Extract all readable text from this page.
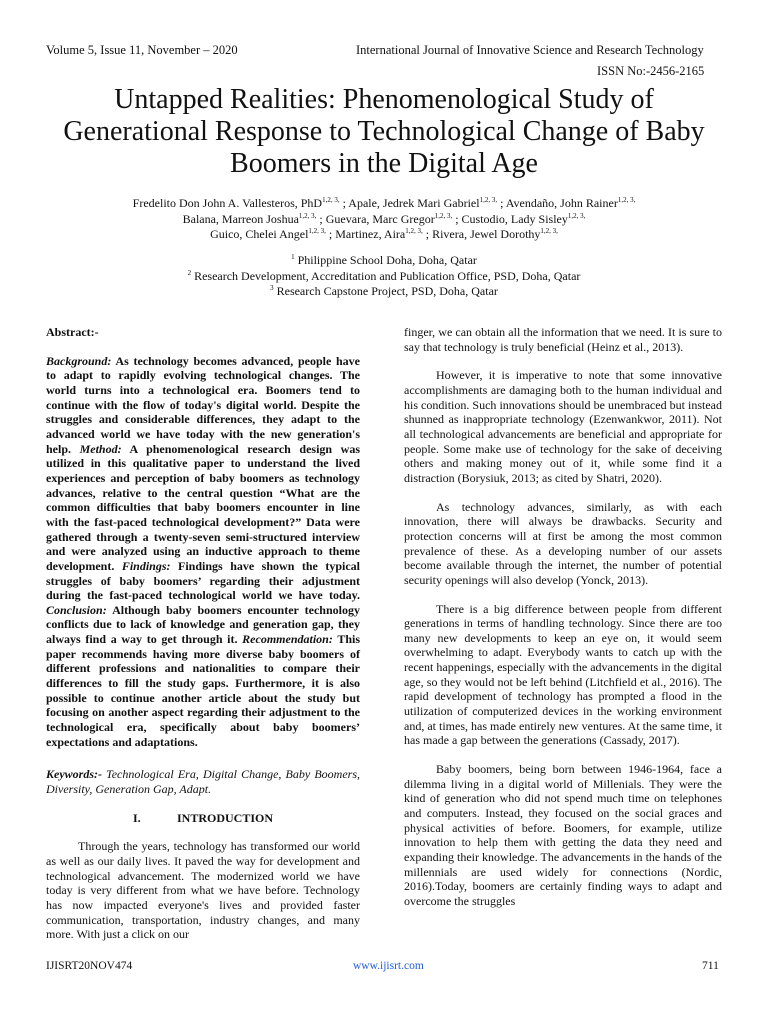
Volume 5, Issue 11, November – 2020	International Journal of Innovative Science and Research Technology
ISSN No:-2456-2165
Untapped Realities: Phenomenological Study of Generational Response to Technological Change of Baby Boomers in the Digital Age
Fredelito Don John A. Vallesteros, PhD$^{1,2, 3,}$ ; Apale, Jedrek Mari Gabriel$^{1,2, 3,}$ ; Avendaño, John Rainer$^{1,2, 3,}$
Balana, Marreon Joshua$^{1,2, 3,}$ ; Guevara, Marc Gregor$^{1,2, 3,}$ ; Custodio, Lady Sisley$^{1,2, 3,}$
Guico, Chelei Angel$^{1,2, 3,}$ ; Martinez, Aira$^{1,2, 3,}$ ; Rivera, Jewel Dorothy$^{1,2, 3,}$
$^1$ Philippine School Doha, Doha, Qatar
$^2$ Research Development, Accreditation and Publication Office, PSD, Doha, Qatar
$^3$ Research Capstone Project, PSD, Doha, Qatar

Abstract:-

Background: As technology becomes advanced, people have to adapt to rapidly evolving technological changes. The world turns into a technological era. Boomers tend to continue with the flow of today's digital world. Despite the struggles and considerable differences, they adapt to the advanced world we have today with the new generation's help. Method: A phenomenological research design was utilized in this qualitative paper to understand the lived experiences and perception of baby boomers as technology advances, relative to the central question “What are the common difficulties that baby boomers encounter in line with the fast-paced technological development?” Data were gathered through a twenty-seven semi-structured interview and were analyzed using an inductive approach to theme development. Findings: Findings have shown the typical struggles of baby boomers’ regarding their adjustment during the fast-paced technological world we have today. Conclusion: Although baby boomers encounter technology conflicts due to lack of knowledge and generation gap, they always find a way to get through it. Recommendation: This paper recommends having more diverse baby boomers of different professions and nationalities to compare their differences to fill the study gaps. Furthermore, it is also possible to continue another article about the study but focusing on another aspect regarding their adjustment to the technological era, specifically about baby boomers’ expectations and adaptations.

Keywords:- Technological Era, Digital Change, Baby Boomers, Diversity, Generation Gap, Adapt.

I.	INTRODUCTION

Through the years, technology has transformed our world as well as our daily lives. It paved the way for development and technological advancement. The modernized world we have today is very different from what we have before. Technology has now impacted everyone's lives and provided faster communication, transportation, industry changes, and many more. With just a click on our

finger, we can obtain all the information that we need. It is sure to say that technology is truly beneficial (Heinz et al., 2013).

However, it is imperative to note that some innovative accomplishments are damaging both to the human individual and his condition. Such innovations should be unembraced but instead shunned as inappropriate technology (Ezenwankwor, 2011). Not all technological advancements are beneficial and appropriate for people. Some make use of technology for the sake of deceiving others and making money out of it, while some find it a distraction (Borysiuk, 2013; as cited by Shatri, 2020).

As technology advances, similarly, as with each innovation, there will always be drawbacks. Security and protection concerns will at first be among the most common prevalence of these. As a developing number of our assets become available through the internet, the number of potential security openings will also develop (Yonck, 2013).

There is a big difference between people from different generations in terms of handling technology. Since there are too many new developments to keep an eye on, it would seem overwhelming to adapt. Everybody wants to catch up with the recent happenings, especially with the advancements in the digital age, so they would not be left behind (Litchfield et al., 2016). The rapid development of technology has prompted a flood in the utilization of computerized devices in the working environment and, at times, has made entirely new ventures. At the same time, it has made a gap between the generations (Cassady, 2017).

Baby boomers, being born between 1946-1964, face a dilemma living in a digital world of Millenials. They were the kind of generation who did not spend much time on telephones and computers. Instead, they focused on the social graces and physical activities of before. Boomers, for example, utilize innovation to help them with getting the data they need and expanding their knowledge. The advancements in the hands of the millennials are used widely for connections (Nordic, 2016).Today, boomers are certainly finding ways to adapt and overcome the struggles

IJISRT20NOV474	www.ijisrt.com	711
